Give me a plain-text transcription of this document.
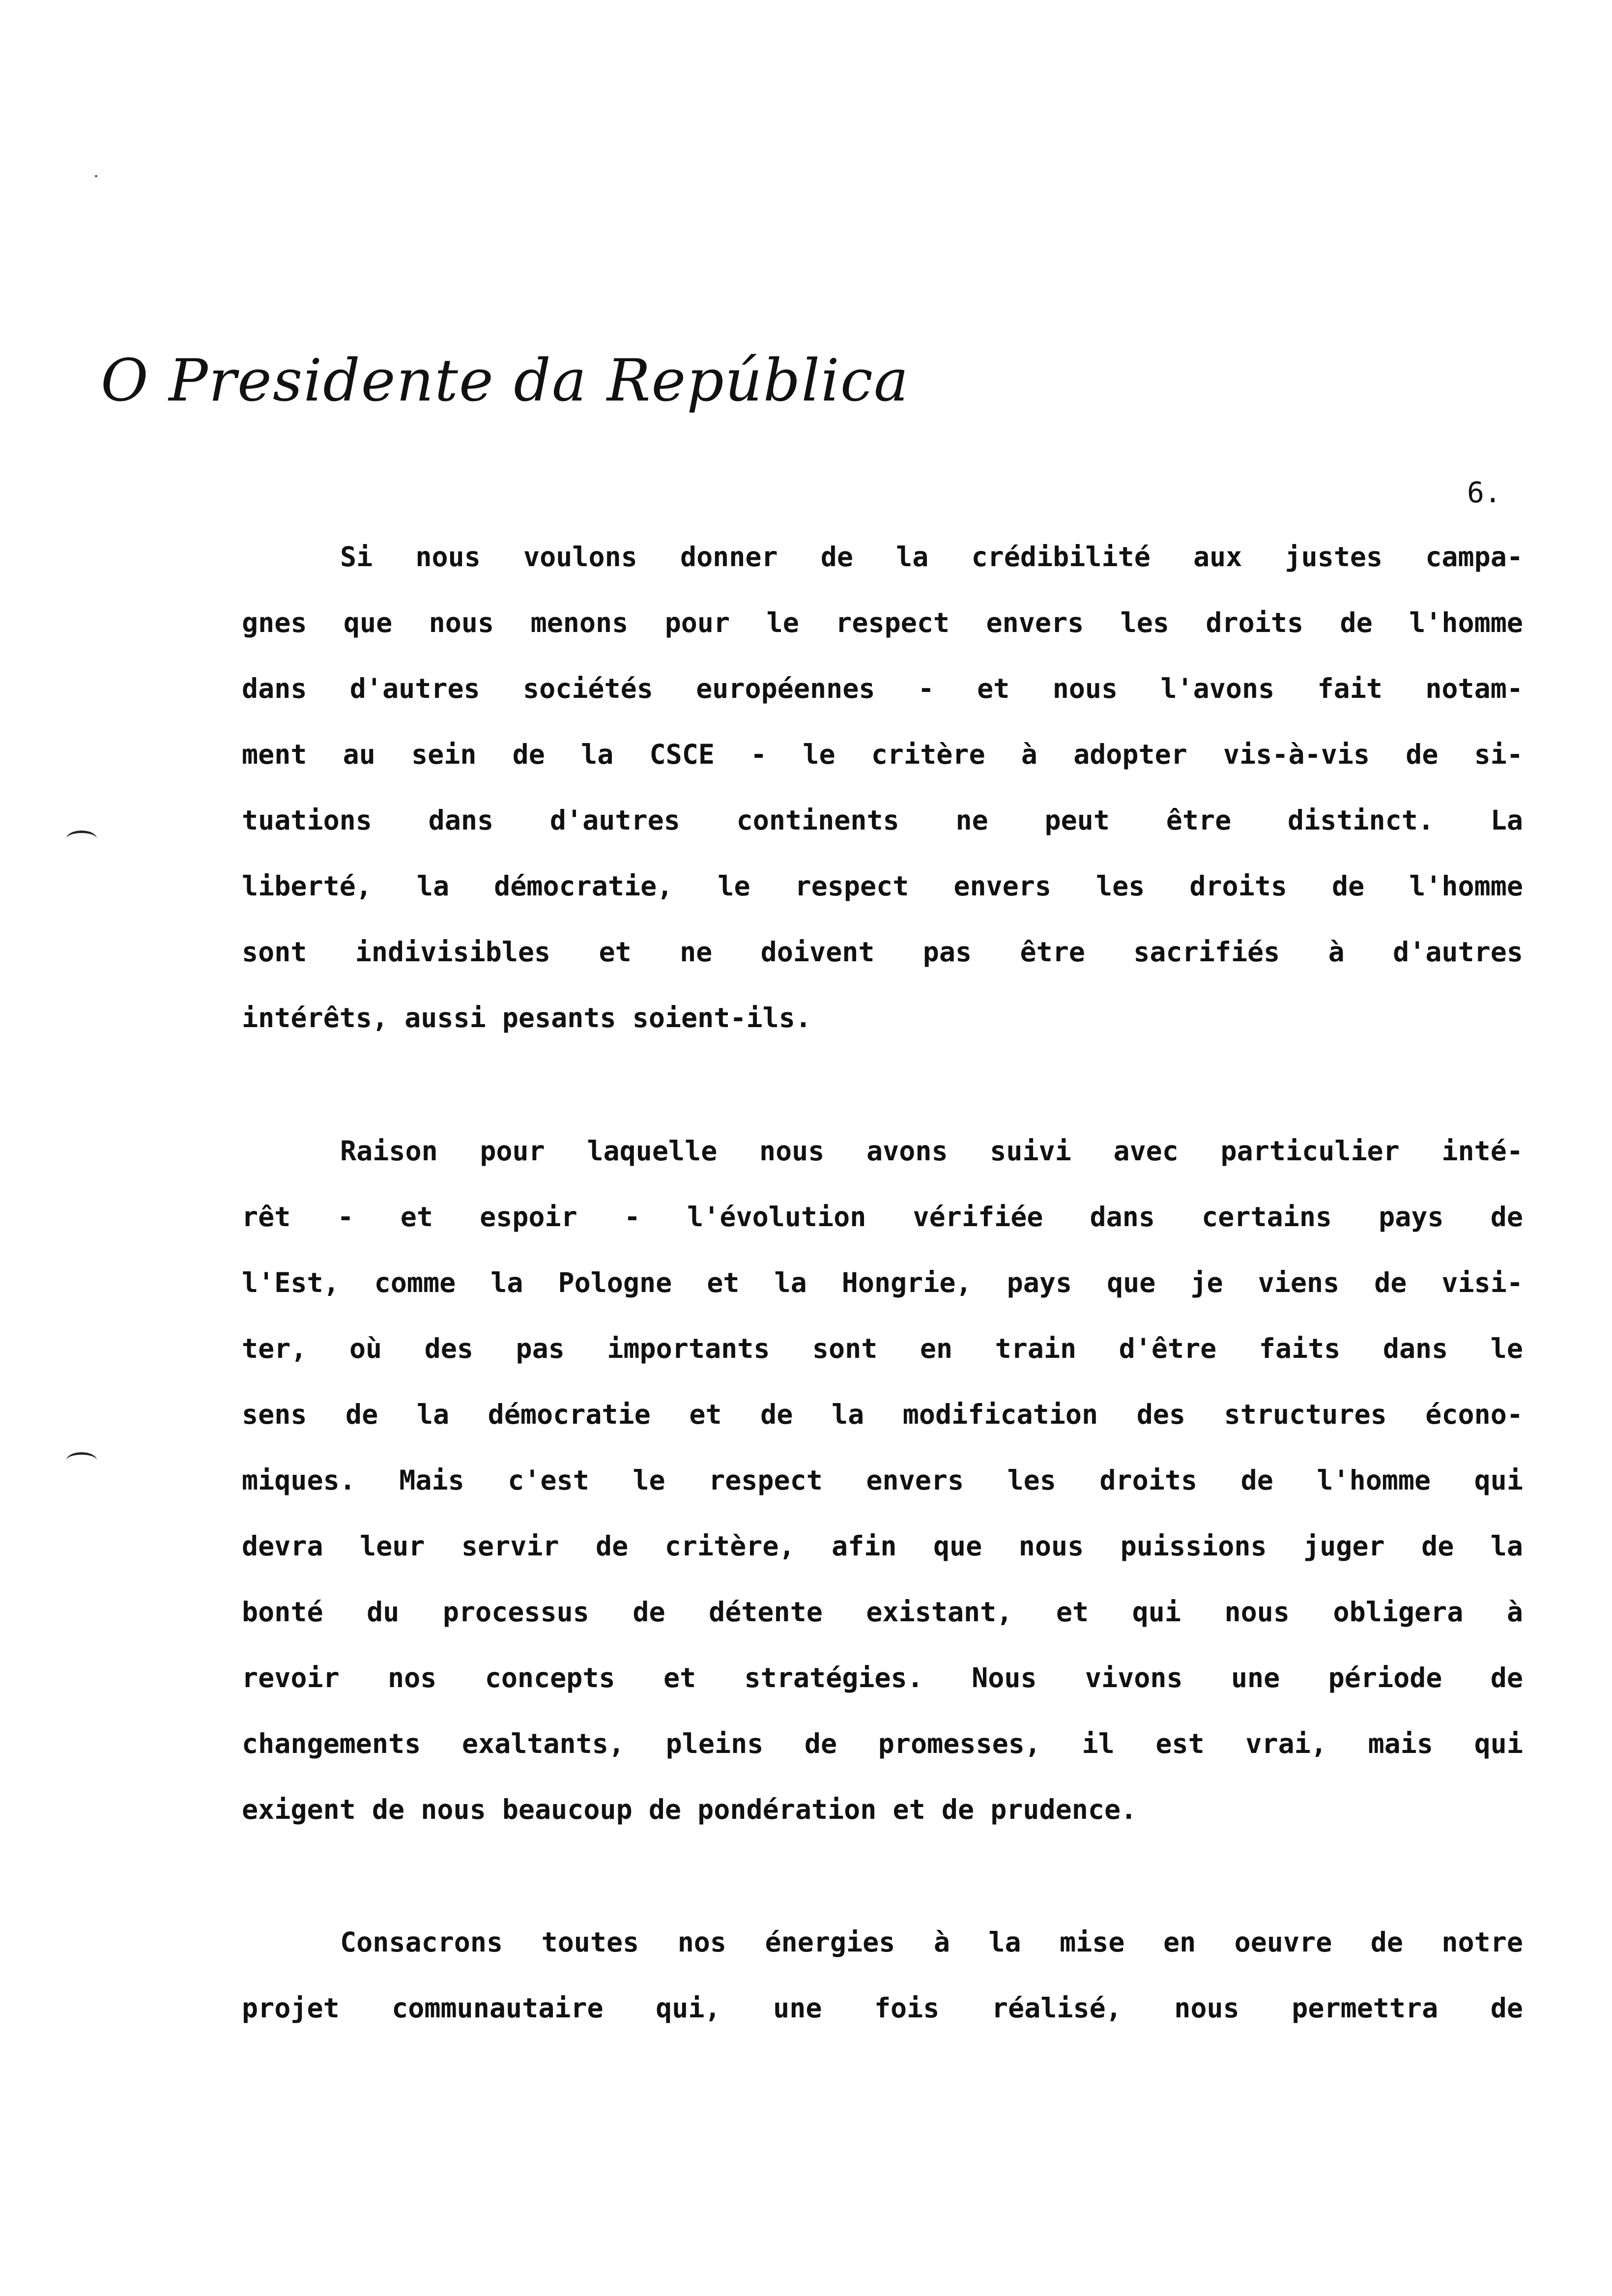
O Presidente da República
6.
Si nous voulons donner de la crédibilité aux justes campa-
gnes que nous menons pour le respect envers les droits de l'homme
dans d'autres sociétés européennes - et nous l'avons fait notam-
ment au sein de la CSCE - le critère à adopter vis-à-vis de si-
tuations dans d'autres continents ne peut être distinct. La
liberté, la démocratie, le respect envers les droits de l'homme
sont indivisibles et ne doivent pas être sacrifiés à d'autres
intérêts, aussi pesants soient-ils.
Raison pour laquelle nous avons suivi avec particulier inté-
rêt - et espoir - l'évolution vérifiée dans certains pays de
l'Est, comme la Pologne et la Hongrie, pays que je viens de visi-
ter, où des pas importants sont en train d'être faits dans le
sens de la démocratie et de la modification des structures écono-
miques. Mais c'est le respect envers les droits de l'homme qui
devra leur servir de critère, afin que nous puissions juger de la
bonté du processus de détente existant, et qui nous obligera à
revoir nos concepts et stratégies. Nous vivons une période de
changements exaltants, pleins de promesses, il est vrai, mais qui
exigent de nous beaucoup de pondération et de prudence.
Consacrons toutes nos énergies à la mise en oeuvre de notre
projet communautaire qui, une fois réalisé, nous permettra de
